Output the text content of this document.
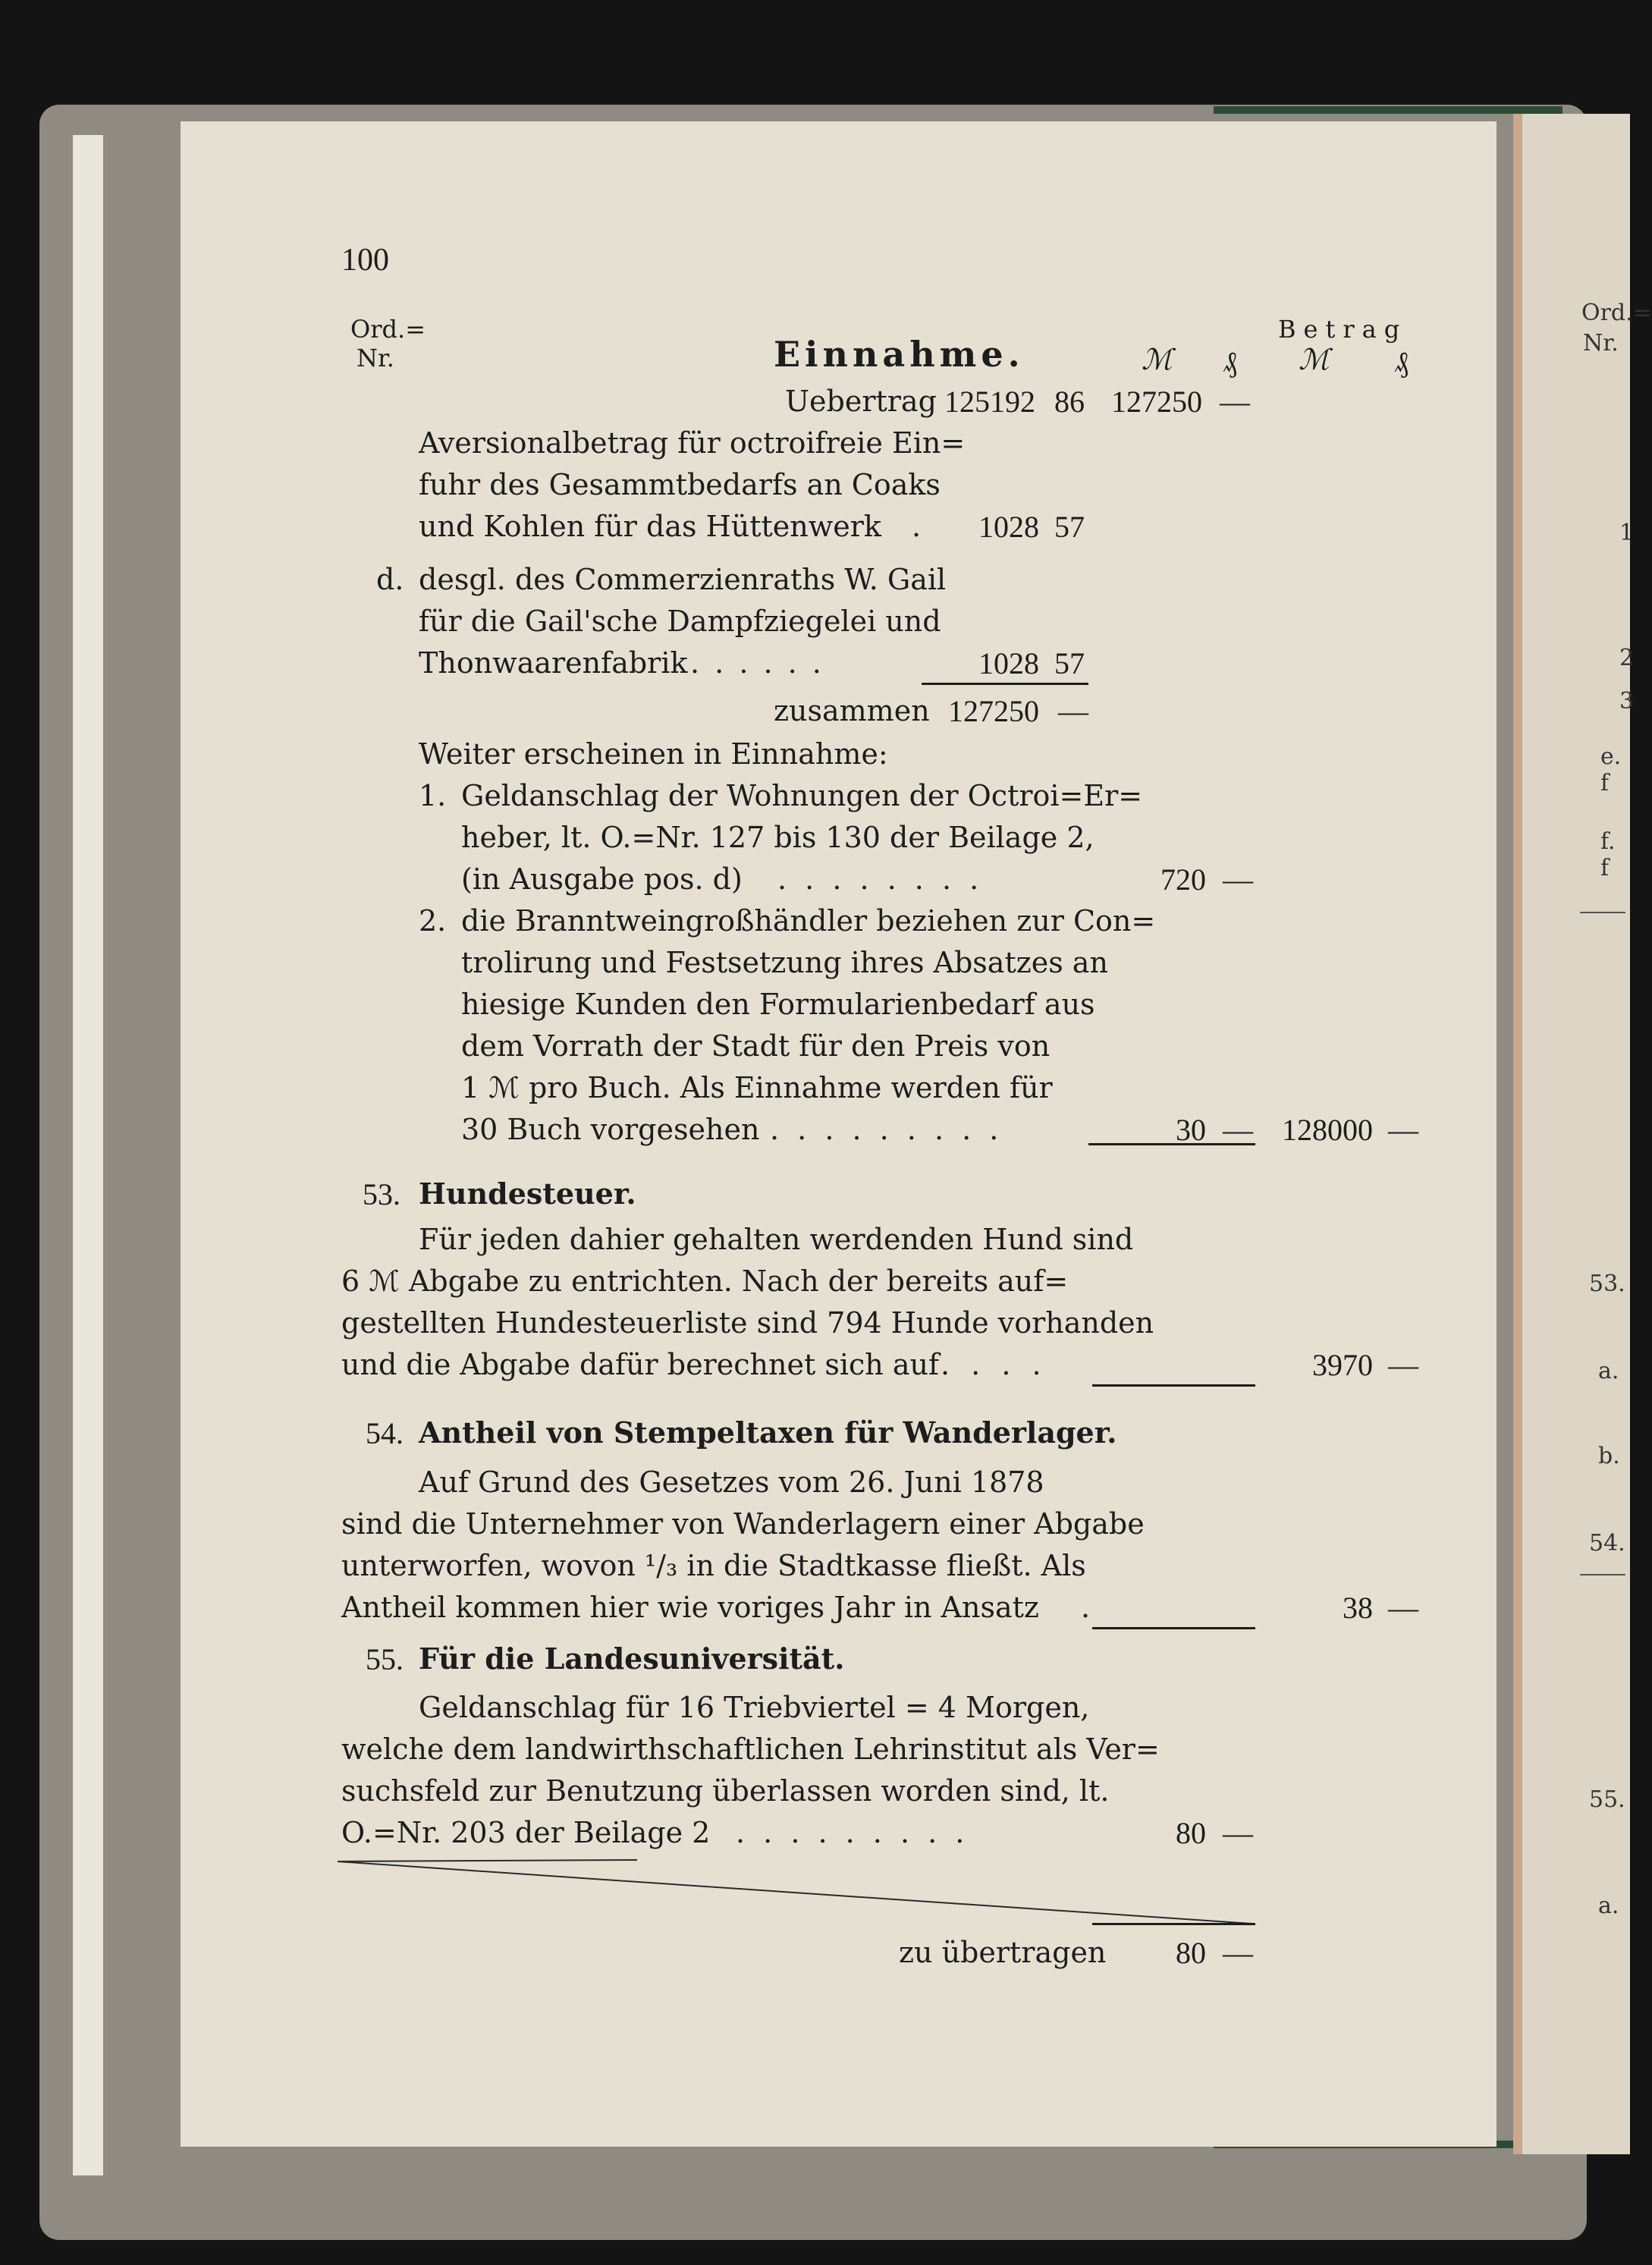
Ord.=
Nr.
1
2
3
e. f
f. f
53.
a.
b.
54.
55.
a.
100
Ord.=
Nr.	Einnahme.
Betrag
ℳ ₰ ℳ ₰
Uebertrag 125192 86 127250 —
Aversionalbetrag für octroifreie Ein=
fuhr des Gesammtbedarfs an Coaks
und Kohlen für das Hüttenwerk .	1028 57
d. desgl. des Commerzienraths W. Gail
für die Gail'sche Dampfziegelei und
Thonwaarenfabrik . . . . . .	1028 57
zusammen 127250 —
Weiter erscheinen in Einnahme:
1. Geldanschlag der Wohnungen der Octroi=Er=
heber, lt. O.=Nr. 127 bis 130 der Beilage 2,
(in Ausgabe pos. d) . . . . . . . .	720 —
2. die Branntweingroßhändler beziehen zur Con=
trolirung und Festsetzung ihres Absatzes an
hiesige Kunden den Formularienbedarf aus
dem Vorrath der Stadt für den Preis von
1 ℳ pro Buch. Als Einnahme werden für
30 Buch vorgesehen . . . . . . . . .	30 — 128000 —
53. Hundesteuer.
Für jeden dahier gehalten werdenden Hund sind
6 ℳ Abgabe zu entrichten. Nach der bereits auf=
gestellten Hundesteuerliste sind 794 Hunde vorhanden
und die Abgabe dafür berechnet sich auf . . . .	3970 —
54. Antheil von Stempeltaxen für Wanderlager.
Auf Grund des Gesetzes vom 26. Juni 1878
sind die Unternehmer von Wanderlagern einer Abgabe
unterworfen, wovon ¹/₃ in die Stadtkasse fließt. Als
Antheil kommen hier wie voriges Jahr in Ansatz .	38 —
55. Für die Landesuniversität.
Geldanschlag für 16 Triebviertel = 4 Morgen,
welche dem landwirthschaftlichen Lehrinstitut als Ver=
suchsfeld zur Benutzung überlassen worden sind, lt.
O.=Nr. 203 der Beilage 2 . . . . . . . . .	80 —
zu übertragen	80 —
